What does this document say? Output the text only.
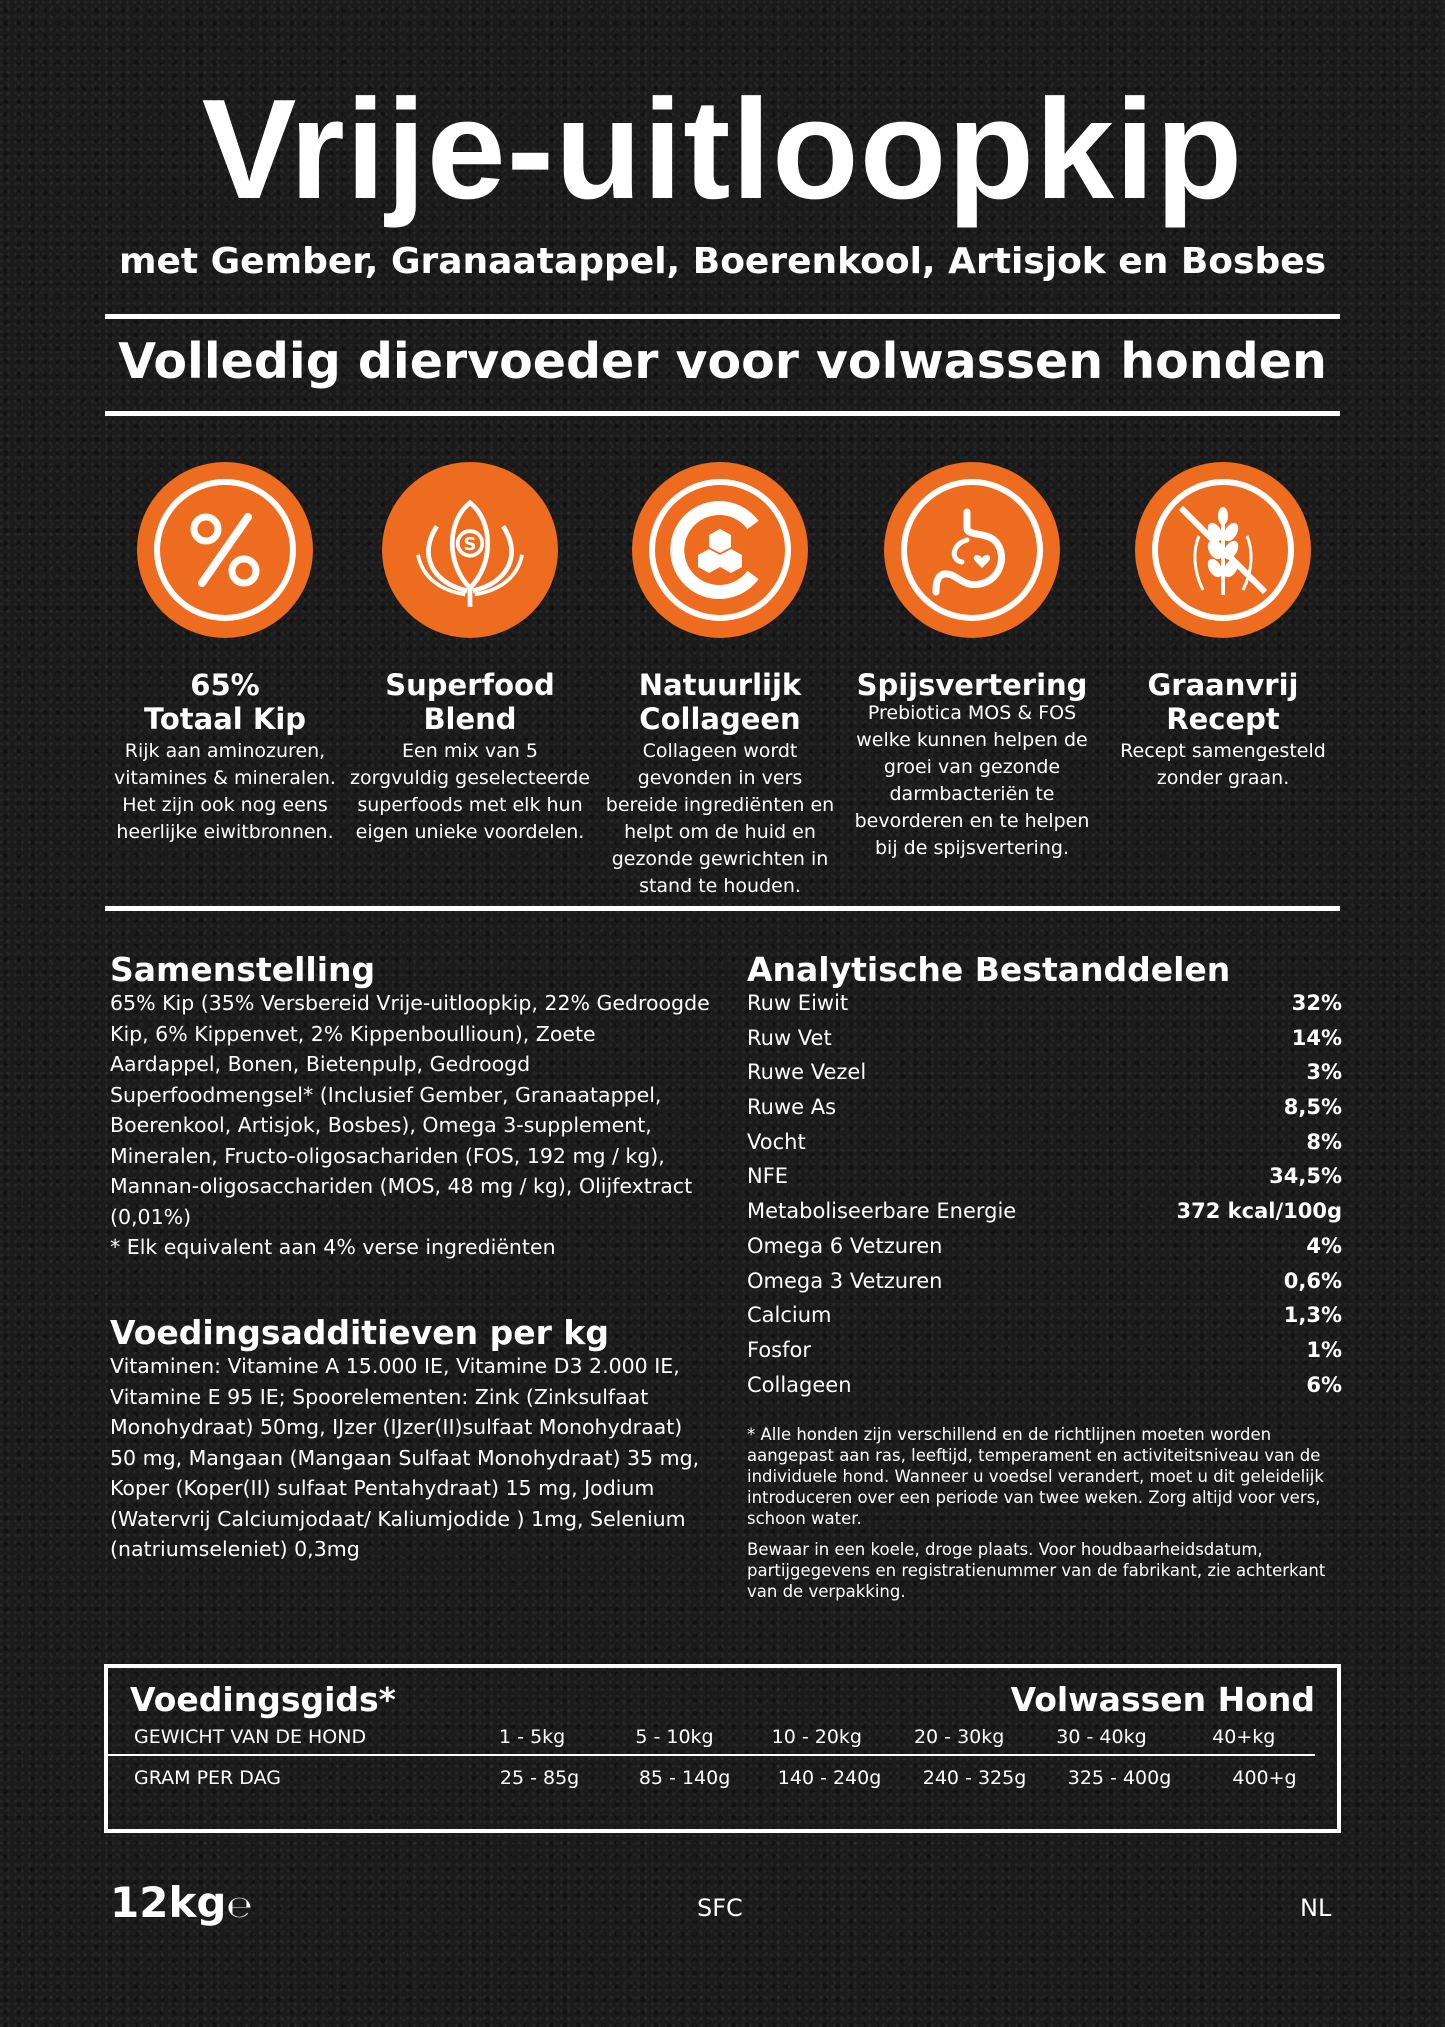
Vrije-uitloopkip
met Gember, Granaatappel, Boerenkool, Artisjok en Bosbes
Volledig diervoeder voor volwassen honden
65%
Totaal Kip
Rijk aan aminozuren, vitamines & mineralen. Het zijn ook nog eens heerlijke eiwitbronnen.
S
Superfood
Blend
Een mix van 5 zorgvuldig geselecteerde superfoods met elk hun eigen unieke voordelen.
Natuurlijk
Collageen
Collageen wordt gevonden in vers bereide ingrediënten en helpt om de huid en gezonde gewrichten in stand te houden.
Spijsvertering
Prebiotica MOS & FOS welke kunnen helpen de groei van gezonde darmbacteriën te bevorderen en te helpen bij de spijsvertering.
Graanvrij
Recept
Recept samengesteld zonder graan.
Samenstelling
65% Kip (35% Versbereid Vrije-uitloopkip, 22% Gedroogde Kip, 6% Kippenvet, 2% Kippenboullioun), Zoete Aardappel, Bonen, Bietenpulp, Gedroogd Superfoodmengsel* (Inclusief Gember, Granaatappel, Boerenkool, Artisjok, Bosbes), Omega 3-supplement, Mineralen, Fructo-oligosachariden (FOS, 192 mg / kg), Mannan-oligosacchariden (MOS, 48 mg / kg), Olijfextract (0,01%)
* Elk equivalent aan 4% verse ingrediënten
Voedingsadditieven per kg
Vitaminen: Vitamine A 15.000 IE, Vitamine D3 2.000 IE, Vitamine E 95 IE; Spoorelementen: Zink (Zinksulfaat Monohydraat) 50mg, IJzer (IJzer(II)sulfaat Monohydraat) 50 mg, Mangaan (Mangaan Sulfaat Monohydraat) 35 mg, Koper (Koper(II) sulfaat Pentahydraat) 15 mg, Jodium (Watervrij Calciumjodaat/ Kaliumjodide ) 1mg, Selenium (natriumseleniet) 0,3mg
Analytische Bestanddelen
Ruw Eiwit	32%
Ruw Vet	14%
Ruwe Vezel	3%
Ruwe As	8,5%
Vocht	8%
NFE	34,5%
Metaboliseerbare Energie	372 kcal/100g
Omega 6 Vetzuren	4%
Omega 3 Vetzuren	0,6%
Calcium	1,3%
Fosfor	1%
Collageen	6%
* Alle honden zijn verschillend en de richtlijnen moeten worden aangepast aan ras, leeftijd, temperament en activiteitsniveau van de individuele hond. Wanneer u voedsel verandert, moet u dit geleidelijk introduceren over een periode van twee weken. Zorg altijd voor vers, schoon water.
Bewaar in een koele, droge plaats. Voor houdbaarheidsdatum, partijgegevens en registratienummer van de fabrikant, zie achterkant van de verpakking.
Voedingsgids*	Volwassen Hond
GEWICHT VAN DE HOND	1 - 5kg	5 - 10kg	10 - 20kg	20 - 30kg	30 - 40kg	40+kg
GRAM PER DAG	25 - 85g	85 - 140g	140 - 240g	240 - 325g	325 - 400g	400+g
12kg℮	SFC	NL
